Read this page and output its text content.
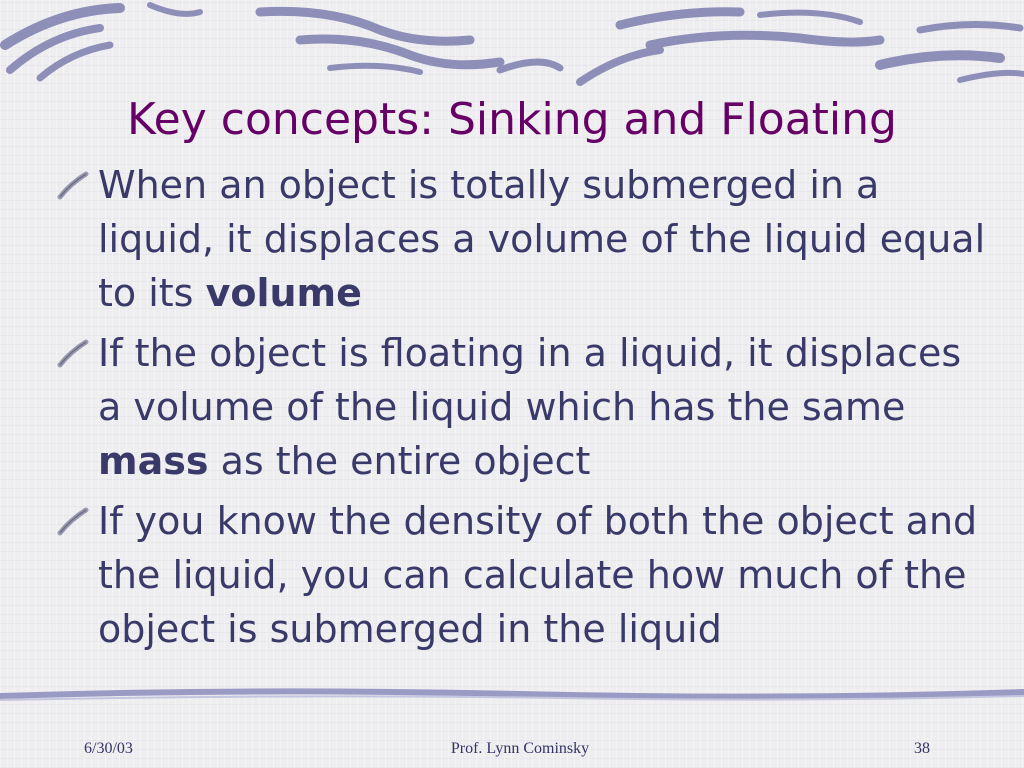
Key concepts: Sinking and Floating
When an object is totally submerged in a liquid, it displaces a volume of the liquid equal to its volume
If the object is floating in a liquid, it displaces a volume of the liquid which has the same mass as the entire object
If you know the density of both the object and the liquid, you can calculate how much of the object is submerged in the liquid
6/30/03	Prof. Lynn Cominsky	38
